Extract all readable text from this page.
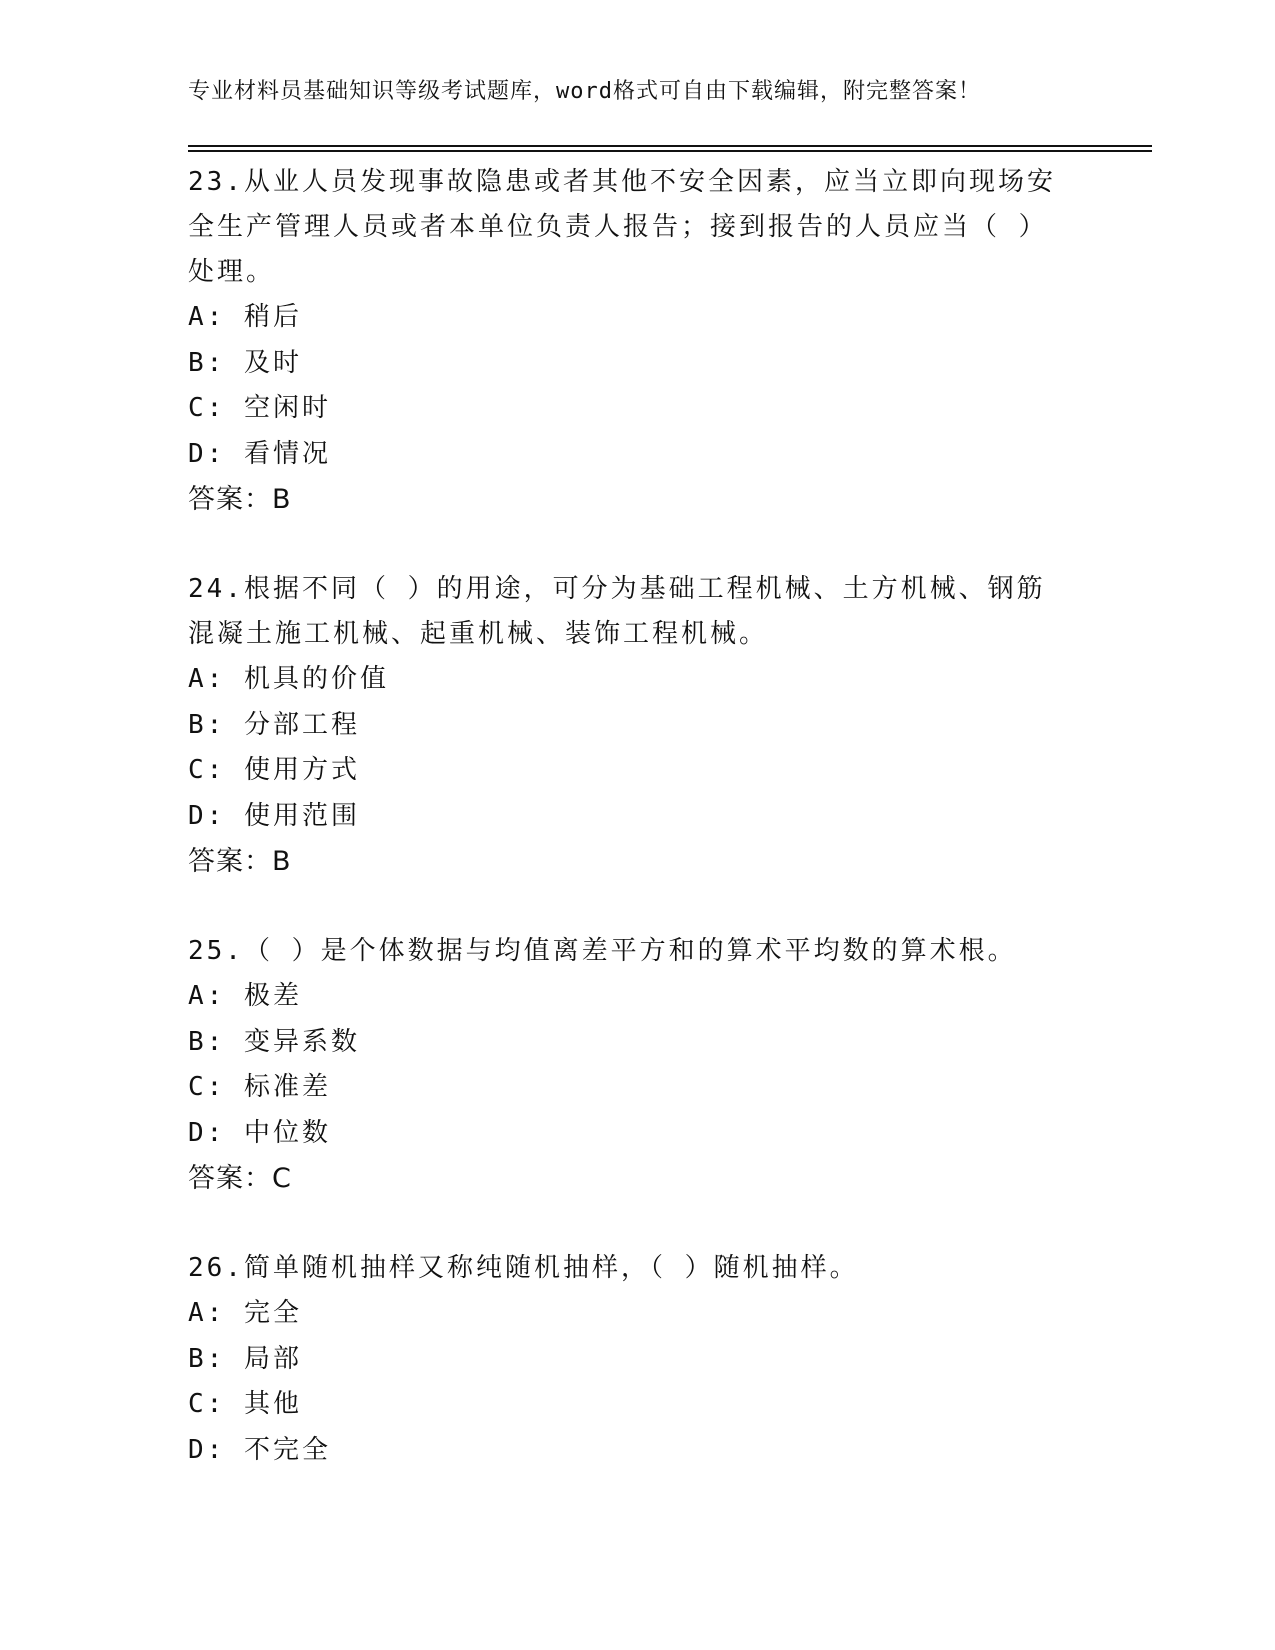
专业材料员基础知识等级考试题库，word格式可自由下载编辑，附完整答案！
23.从业人员发现事故隐患或者其他不安全因素，应当立即向现场安全生产管理人员或者本单位负责人报告；接到报告的人员应当（ ）处理。
A: 稍后
B: 及时
C: 空闲时
D: 看情况
答案：B
24.根据不同（ ）的用途，可分为基础工程机械、土方机械、钢筋混凝土施工机械、起重机械、装饰工程机械。
A: 机具的价值
B: 分部工程
C: 使用方式
D: 使用范围
答案：B
25.（ ）是个体数据与均值离差平方和的算术平均数的算术根。
A: 极差
B: 变异系数
C: 标准差
D: 中位数
答案：C
26.简单随机抽样又称纯随机抽样，（ ）随机抽样。
A: 完全
B: 局部
C: 其他
D: 不完全
